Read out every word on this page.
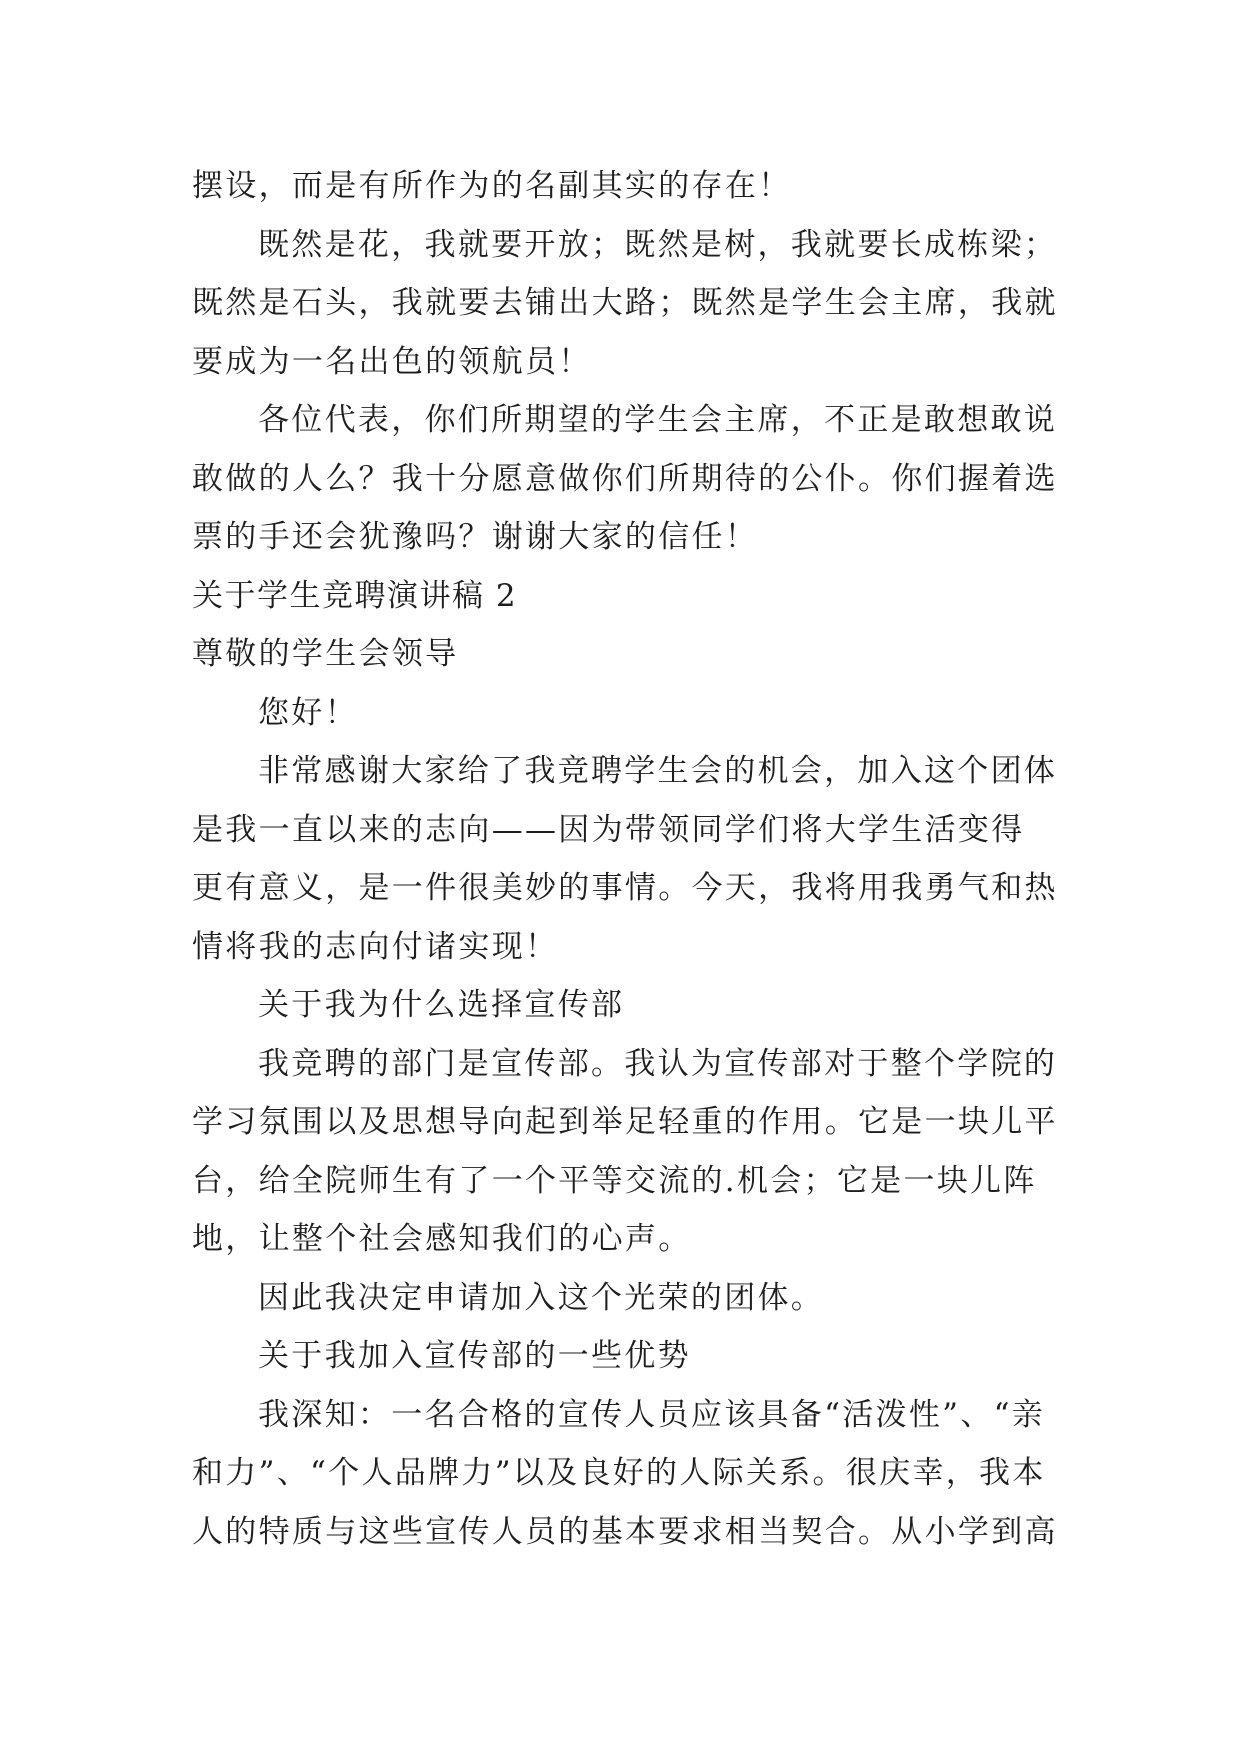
摆设，而是有所作为的名副其实的存在！
既然是花，我就要开放；既然是树，我就要长成栋梁；
既然是石头，我就要去铺出大路；既然是学生会主席，我就
要成为一名出色的领航员！
各位代表，你们所期望的学生会主席，不正是敢想敢说
敢做的人么？我十分愿意做你们所期待的公仆。你们握着选
票的手还会犹豫吗？谢谢大家的信任！
关于学生竞聘演讲稿 2
尊敬的学生会领导
您好！
非常感谢大家给了我竞聘学生会的机会，加入这个团体
是我一直以来的志向——因为带领同学们将大学生活变得
更有意义，是一件很美妙的事情。今天，我将用我勇气和热
情将我的志向付诸实现！
关于我为什么选择宣传部
我竞聘的部门是宣传部。我认为宣传部对于整个学院的
学习氛围以及思想导向起到举足轻重的作用。它是一块儿平
台，给全院师生有了一个平等交流的.机会；它是一块儿阵
地，让整个社会感知我们的心声。
因此我决定申请加入这个光荣的团体。
关于我加入宣传部的一些优势
我深知：一名合格的宣传人员应该具备“活泼性”、“亲
和力”、“个人品牌力”以及良好的人际关系。很庆幸，我本
人的特质与这些宣传人员的基本要求相当契合。从小学到高
